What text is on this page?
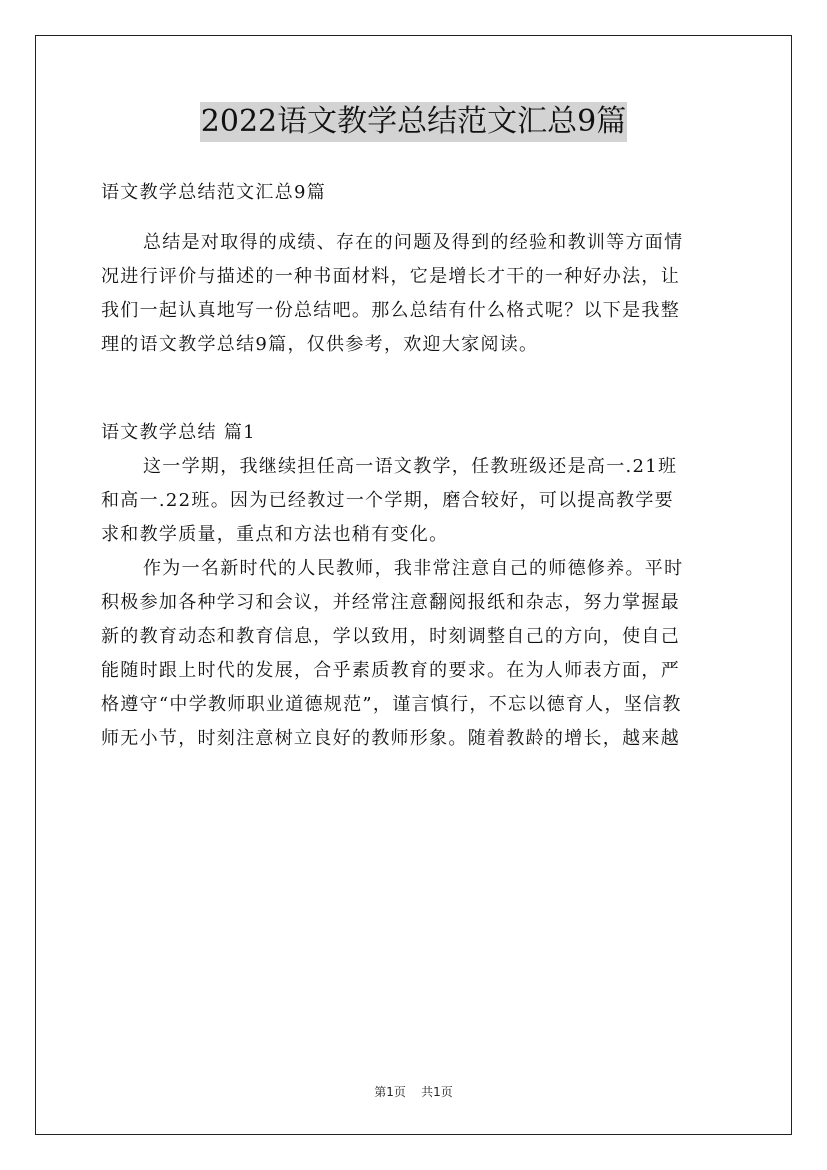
2022语文教学总结范文汇总9篇
语文教学总结范文汇总9篇
总结是对取得的成绩、存在的问题及得到的经验和教训等方面情
况进行评价与描述的一种书面材料，它是增长才干的一种好办法，让
我们一起认真地写一份总结吧。那么总结有什么格式呢？以下是我整
理的语文教学总结9篇，仅供参考，欢迎大家阅读。
语文教学总结 篇1
这一学期，我继续担任高一语文教学，任教班级还是高一.21班
和高一.22班。因为已经教过一个学期，磨合较好，可以提高教学要
求和教学质量，重点和方法也稍有变化。
作为一名新时代的人民教师，我非常注意自己的师德修养。平时
积极参加各种学习和会议，并经常注意翻阅报纸和杂志，努力掌握最
新的教育动态和教育信息，学以致用，时刻调整自己的方向，使自己
能随时跟上时代的发展，合乎素质教育的要求。在为人师表方面，严
格遵守“中学教师职业道德规范”，谨言慎行，不忘以德育人，坚信教
师无小节，时刻注意树立良好的教师形象。随着教龄的增长，越来越
第1页 共1页
